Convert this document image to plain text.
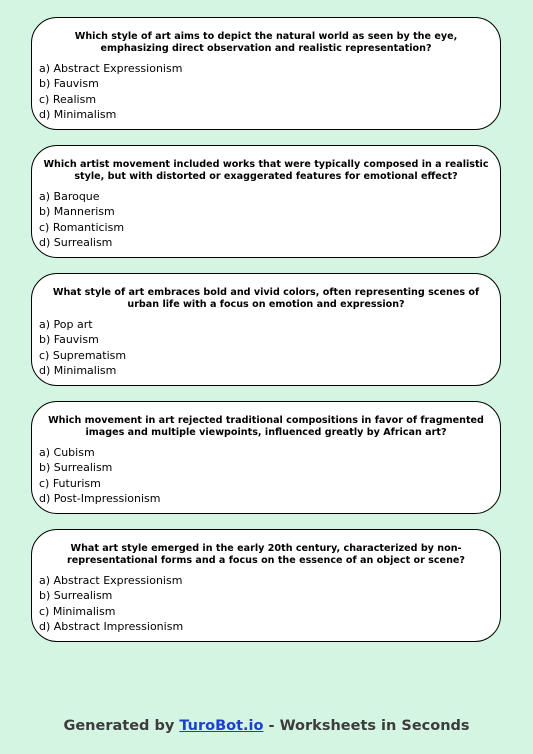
Which style of art aims to depict the natural world as seen by the eye, emphasizing direct observation and realistic representation?
a) Abstract Expressionism
b) Fauvism
c) Realism
d) Minimalism
Which artist movement included works that were typically composed in a realistic style, but with distorted or exaggerated features for emotional effect?
a) Baroque
b) Mannerism
c) Romanticism
d) Surrealism
What style of art embraces bold and vivid colors, often representing scenes of urban life with a focus on emotion and expression?
a) Pop art
b) Fauvism
c) Suprematism
d) Minimalism
Which movement in art rejected traditional compositions in favor of fragmented images and multiple viewpoints, influenced greatly by African art?
a) Cubism
b) Surrealism
c) Futurism
d) Post-Impressionism
What art style emerged in the early 20th century, characterized by non-representational forms and a focus on the essence of an object or scene?
a) Abstract Expressionism
b) Surrealism
c) Minimalism
d) Abstract Impressionism
Generated by TuroBot.io - Worksheets in Seconds
